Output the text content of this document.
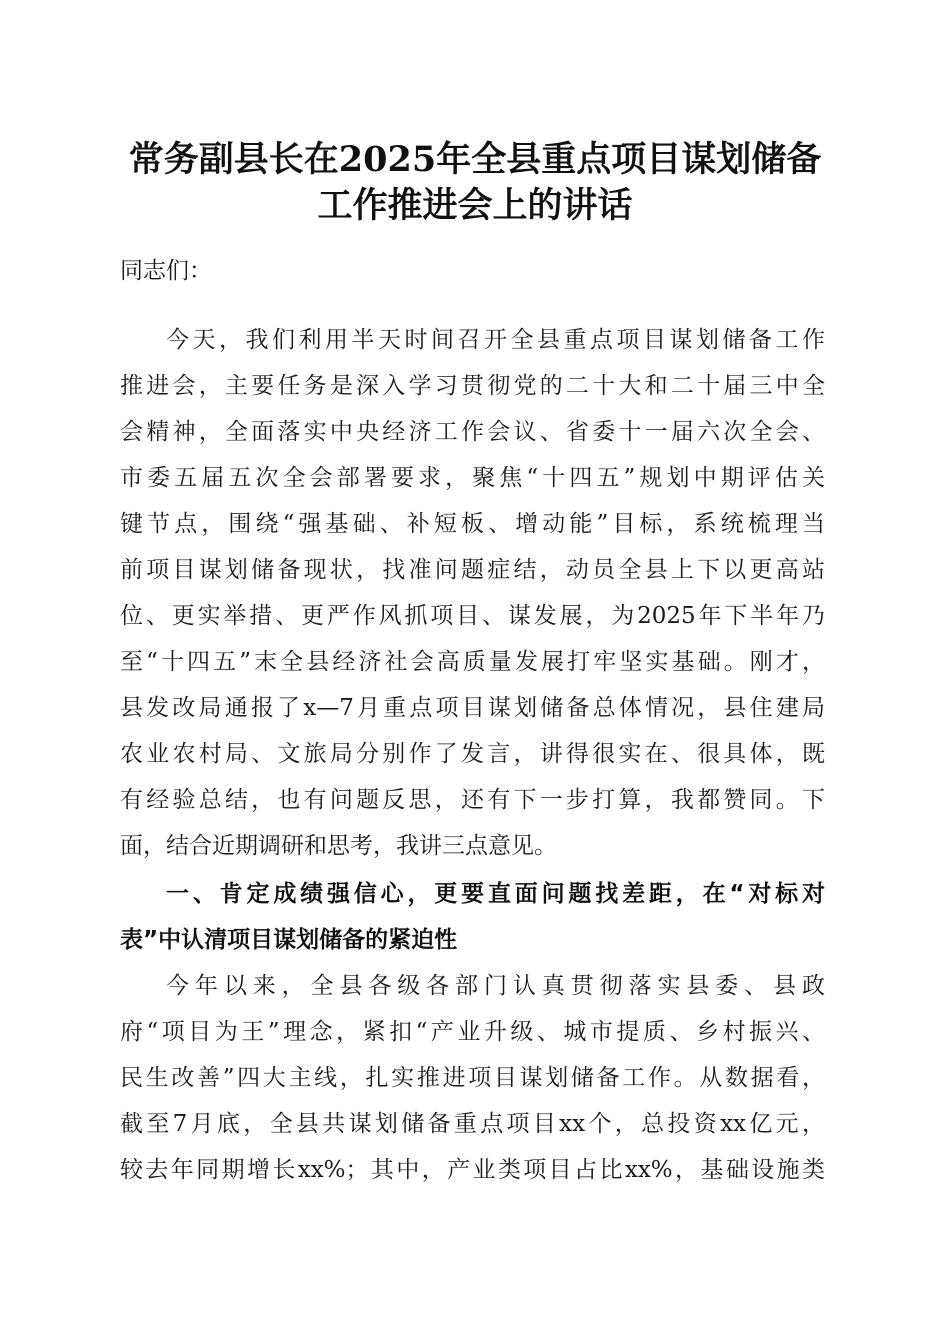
常务副县长在2025年全县重点项目谋划储备
工作推进会上的讲话
同志们：
今天，我们利用半天时间召开全县重点项目谋划储备工作
推进会，主要任务是深入学习贯彻党的二十大和二十届三中全
会精神，全面落实中央经济工作会议、省委十一届六次全会、
市委五届五次全会部署要求，聚焦“十四五”规划中期评估关
键节点，围绕“强基础、补短板、增动能”目标，系统梳理当
前项目谋划储备现状，找准问题症结，动员全县上下以更高站
位、更实举措、更严作风抓项目、谋发展，为2025年下半年乃
至“十四五”末全县经济社会高质量发展打牢坚实基础。刚才，
县发改局通报了x—7月重点项目谋划储备总体情况，县住建局
农业农村局、文旅局分别作了发言，讲得很实在、很具体，既
有经验总结，也有问题反思，还有下一步打算，我都赞同。下
面，结合近期调研和思考，我讲三点意见。
一、肯定成绩强信心，更要直面问题找差距，在“对标对
表”中认清项目谋划储备的紧迫性
今年以来，全县各级各部门认真贯彻落实县委、县政
府“项目为王”理念，紧扣“产业升级、城市提质、乡村振兴、
民生改善”四大主线，扎实推进项目谋划储备工作。从数据看，
截至7月底，全县共谋划储备重点项目xx个，总投资xx亿元，
较去年同期增长xx%；其中，产业类项目占比xx%，基础设施类
